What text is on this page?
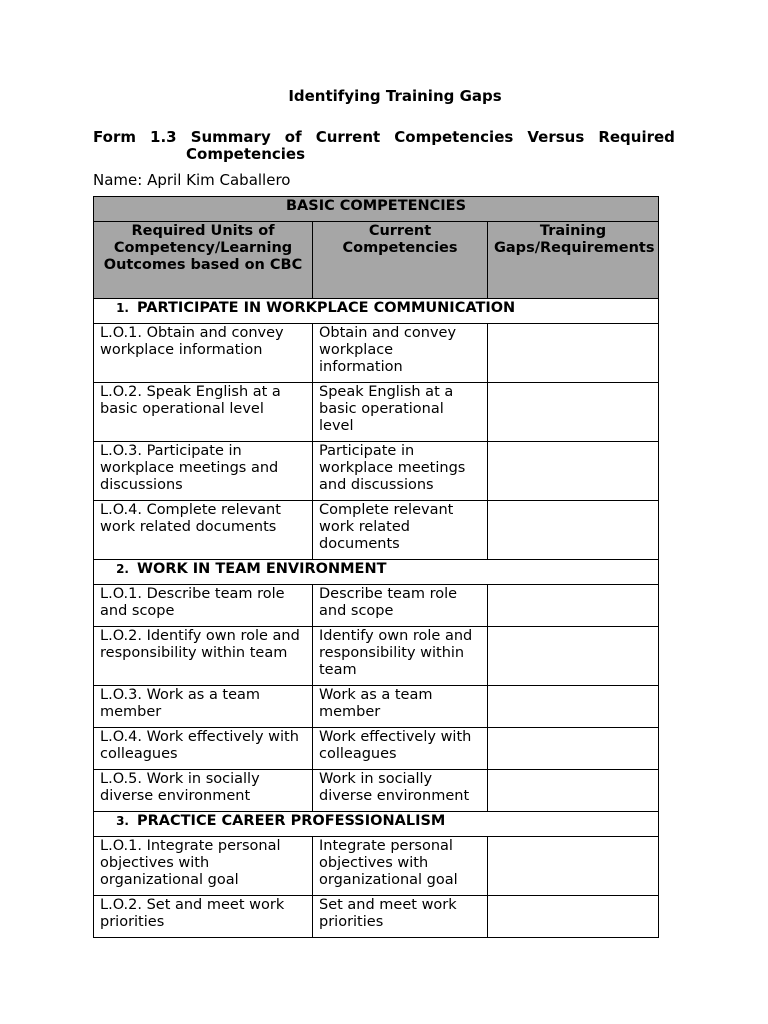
Identifying Training Gaps
Form 1.3 Summary of Current Competencies Versus Required
Competencies
Name: April Kim Caballero
BASIC COMPETENCIES		
Required Units of Competency/Learning Outcomes based on CBC	Current Competencies	Training Gaps/Requirements
1. PARTICIPATE IN WORKPLACE COMMUNICATION		
L.O.1. Obtain and convey workplace information	Obtain and convey workplace information	
L.O.2. Speak English at a basic operational level	Speak English at a basic operational level	
L.O.3. Participate in workplace meetings and discussions	Participate in workplace meetings and discussions	
L.O.4. Complete relevant work related documents	Complete relevant work related documents	
2. WORK IN TEAM ENVIRONMENT		
L.O.1. Describe team role and scope	Describe team role and scope	
L.O.2. Identify own role and responsibility within team	Identify own role and responsibility within team	
L.O.3. Work as a team member	Work as a team member	
L.O.4. Work effectively with colleagues	Work effectively with colleagues	
L.O.5. Work in socially diverse environment	Work in socially diverse environment	
3. PRACTICE CAREER PROFESSIONALISM		
L.O.1. Integrate personal objectives with organizational goal	Integrate personal objectives with organizational goal	
L.O.2. Set and meet work priorities	Set and meet work priorities	
